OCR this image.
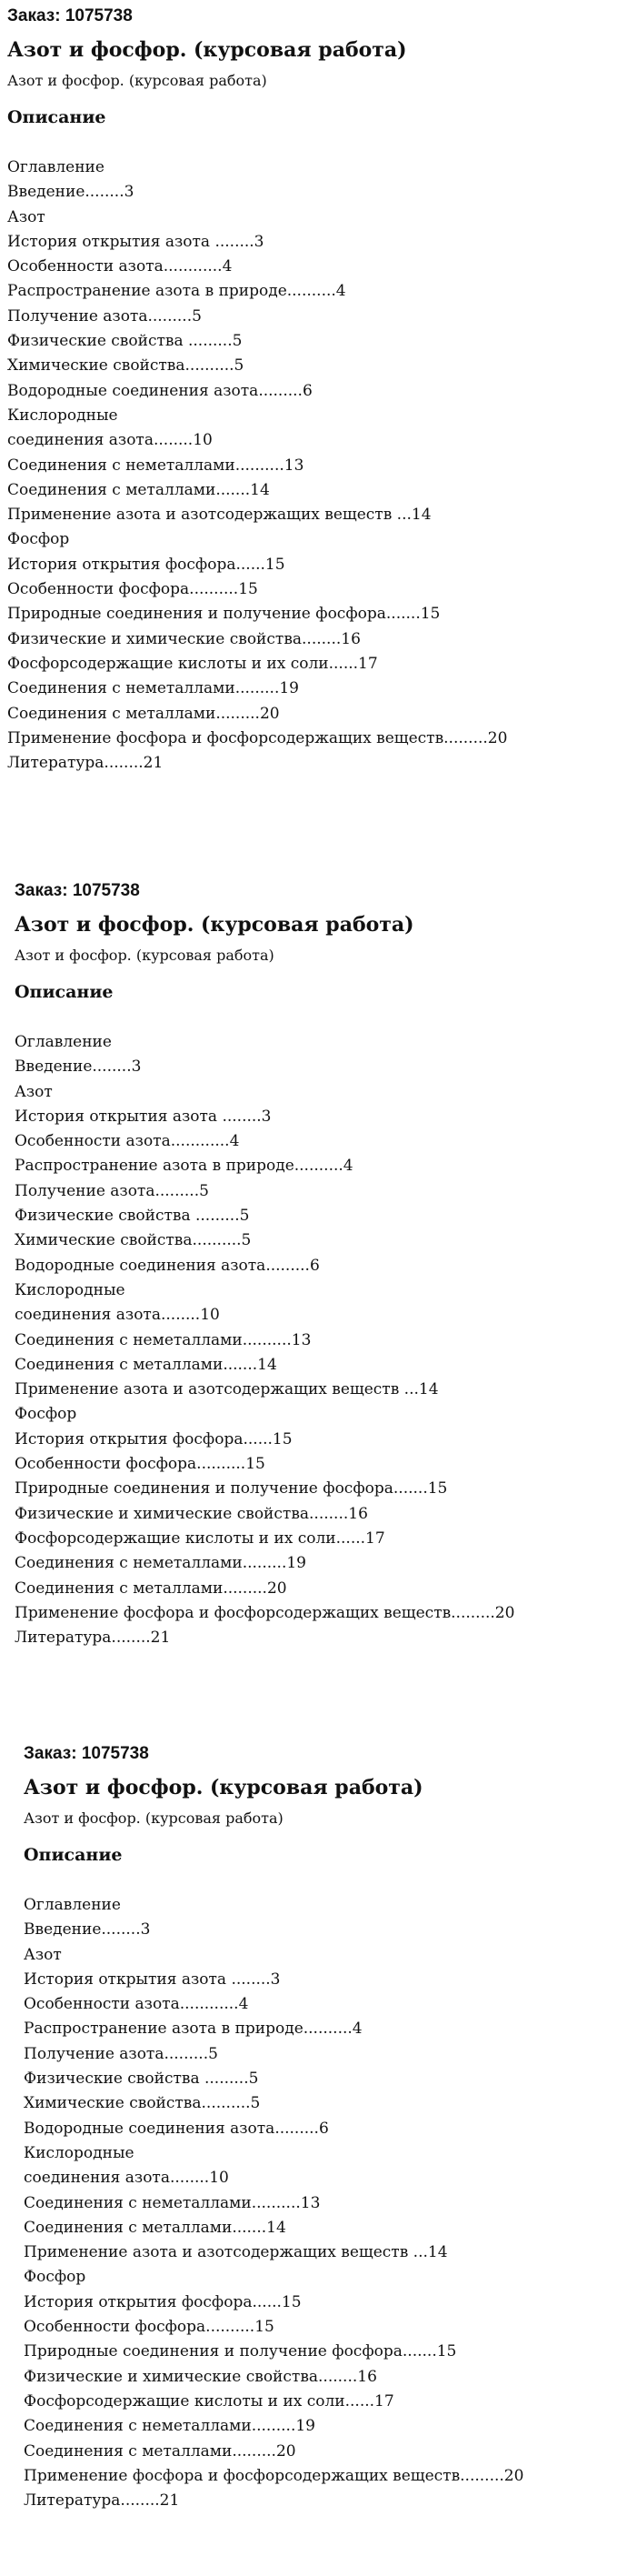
Заказ: 1075738

Азот и фосфор. (курсовая работа)

Азот и фосфор. (курсовая работа)

Описание
Оглавление
Введение........3
Азот
История открытия азота ........3
Особенности азота............4
Распространение азота в природе..........4
Получение азота.........5
Физические свойства .........5
Химические свойства..........5
Водородные соединения азота.........6
Кислородные
соединения азота........10
Соединения с неметаллами..........13
Соединения с металлами.......14
Применение азота и азотсодержащих веществ ...14
Фосфор
История открытия фосфора......15
Особенности фосфора..........15
Природные соединения и получение фосфора.......15
Физические и химические свойства........16
Фосфорсодержащие кислоты и их соли......17
Соединения с неметаллами.........19
Соединения с металлами.........20
Применение фосфора и фосфорсодержащих веществ.........20
Литература........21

Заказ: 1075738

Азот и фосфор. (курсовая работа)

Азот и фосфор. (курсовая работа)

Описание
Оглавление
Введение........3
Азот
История открытия азота ........3
Особенности азота............4
Распространение азота в природе..........4
Получение азота.........5
Физические свойства .........5
Химические свойства..........5
Водородные соединения азота.........6
Кислородные
соединения азота........10
Соединения с неметаллами..........13
Соединения с металлами.......14
Применение азота и азотсодержащих веществ ...14
Фосфор
История открытия фосфора......15
Особенности фосфора..........15
Природные соединения и получение фосфора.......15
Физические и химические свойства........16
Фосфорсодержащие кислоты и их соли......17
Соединения с неметаллами.........19
Соединения с металлами.........20
Применение фосфора и фосфорсодержащих веществ.........20
Литература........21

Заказ: 1075738

Азот и фосфор. (курсовая работа)

Азот и фосфор. (курсовая работа)

Описание
Оглавление
Введение........3
Азот
История открытия азота ........3
Особенности азота............4
Распространение азота в природе..........4
Получение азота.........5
Физические свойства .........5
Химические свойства..........5
Водородные соединения азота.........6
Кислородные
соединения азота........10
Соединения с неметаллами..........13
Соединения с металлами.......14
Применение азота и азотсодержащих веществ ...14
Фосфор
История открытия фосфора......15
Особенности фосфора..........15
Природные соединения и получение фосфора.......15
Физические и химические свойства........16
Фосфорсодержащие кислоты и их соли......17
Соединения с неметаллами.........19
Соединения с металлами.........20
Применение фосфора и фосфорсодержащих веществ.........20
Литература........21
